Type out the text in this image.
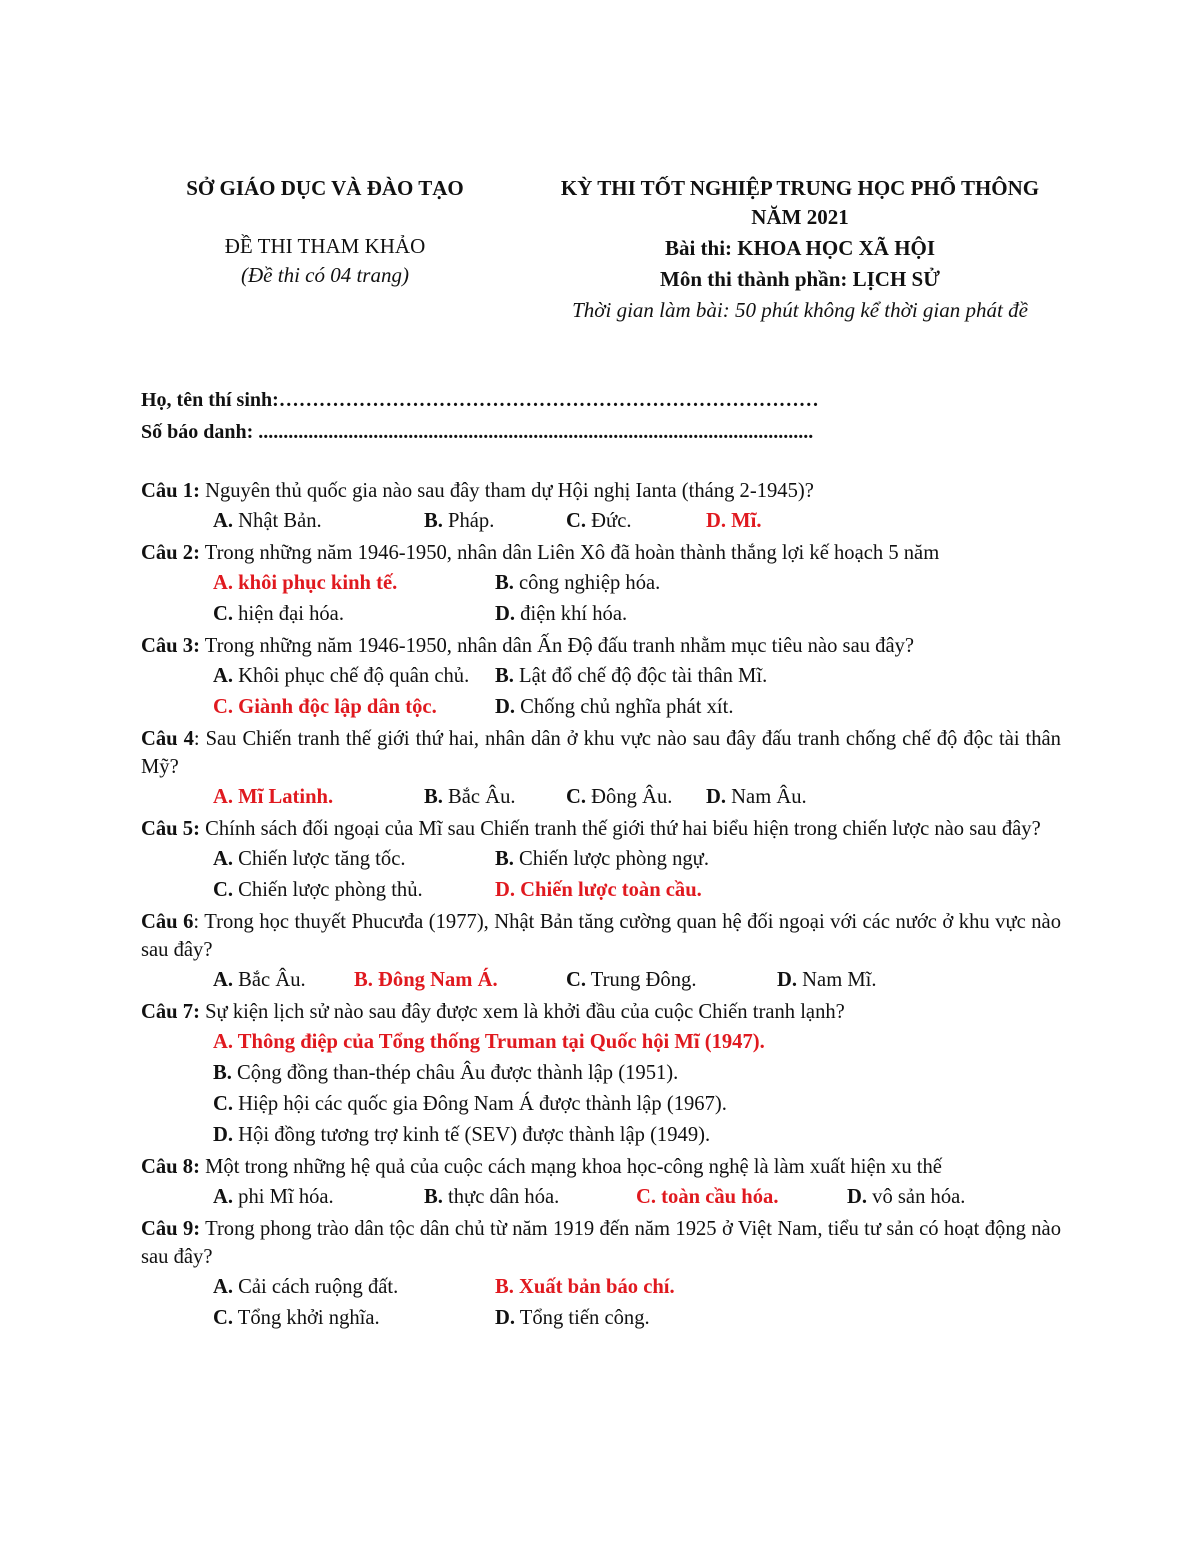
SỞ GIÁO DỤC VÀ ĐÀO TẠO
ĐỀ THI THAM KHẢO
(Đề thi có 04 trang)
KỲ THI TỐT NGHIỆP TRUNG HỌC PHỔ THÔNG
NĂM 2021
Bài thi: KHOA HỌC XÃ HỘI
Môn thi thành phần: LỊCH SỬ
Thời gian làm bài: 50 phút không kể thời gian phát đề
Họ, tên thí sinh:………………………………………………………………………
Số báo danh: ...............................................................................................................
Câu 1: Nguyên thủ quốc gia nào sau đây tham dự Hội nghị Ianta (tháng 2-1945)?
A. Nhật Bản.	B. Pháp.	C. Đức.	D. Mĩ.
Câu 2: Trong những năm 1946-1950, nhân dân Liên Xô đã hoàn thành thắng lợi kế hoạch 5 năm
A. khôi phục kinh tế.	B. công nghiệp hóa.
C. hiện đại hóa.	D. điện khí hóa.
Câu 3: Trong những năm 1946-1950, nhân dân Ấn Độ đấu tranh nhằm mục tiêu nào sau đây?
A. Khôi phục chế độ quân chủ. B. Lật đổ chế độ độc tài thân Mĩ.
C. Giành độc lập dân tộc.	D. Chống chủ nghĩa phát xít.
Câu 4: Sau Chiến tranh thế giới thứ hai, nhân dân ở khu vực nào sau đây đấu tranh chống chế độ độc tài thân Mỹ?
A. Mĩ Latinh.	B. Bắc Âu. C. Đông Âu. D. Nam Âu.
Câu 5: Chính sách đối ngoại của Mĩ sau Chiến tranh thế giới thứ hai biểu hiện trong chiến lược nào sau đây?
A. Chiến lược tăng tốc.	B. Chiến lược phòng ngự.
C. Chiến lược phòng thủ.	D. Chiến lược toàn cầu.
Câu 6: Trong học thuyết Phucưđa (1977), Nhật Bản tăng cường quan hệ đối ngoại với các nước ở khu vực nào sau đây?
A. Bắc Âu. B. Đông Nam Á.	C. Trung Đông.	D. Nam Mĩ.
Câu 7: Sự kiện lịch sử nào sau đây được xem là khởi đầu của cuộc Chiến tranh lạnh?
A. Thông điệp của Tổng thống Truman tại Quốc hội Mĩ (1947).
B. Cộng đồng than-thép châu Âu được thành lập (1951).
C. Hiệp hội các quốc gia Đông Nam Á được thành lập (1967).
D. Hội đồng tương trợ kinh tế (SEV) được thành lập (1949).
Câu 8: Một trong những hệ quả của cuộc cách mạng khoa học-công nghệ là làm xuất hiện xu thế
A. phi Mĩ hóa.	B. thực dân hóa.	C. toàn cầu hóa.	D. vô sản hóa.
Câu 9: Trong phong trào dân tộc dân chủ từ năm 1919 đến năm 1925 ở Việt Nam, tiểu tư sản có hoạt động nào sau đây?
A. Cải cách ruộng đất.	B. Xuất bản báo chí.
C. Tổng khởi nghĩa.	D. Tổng tiến công.
